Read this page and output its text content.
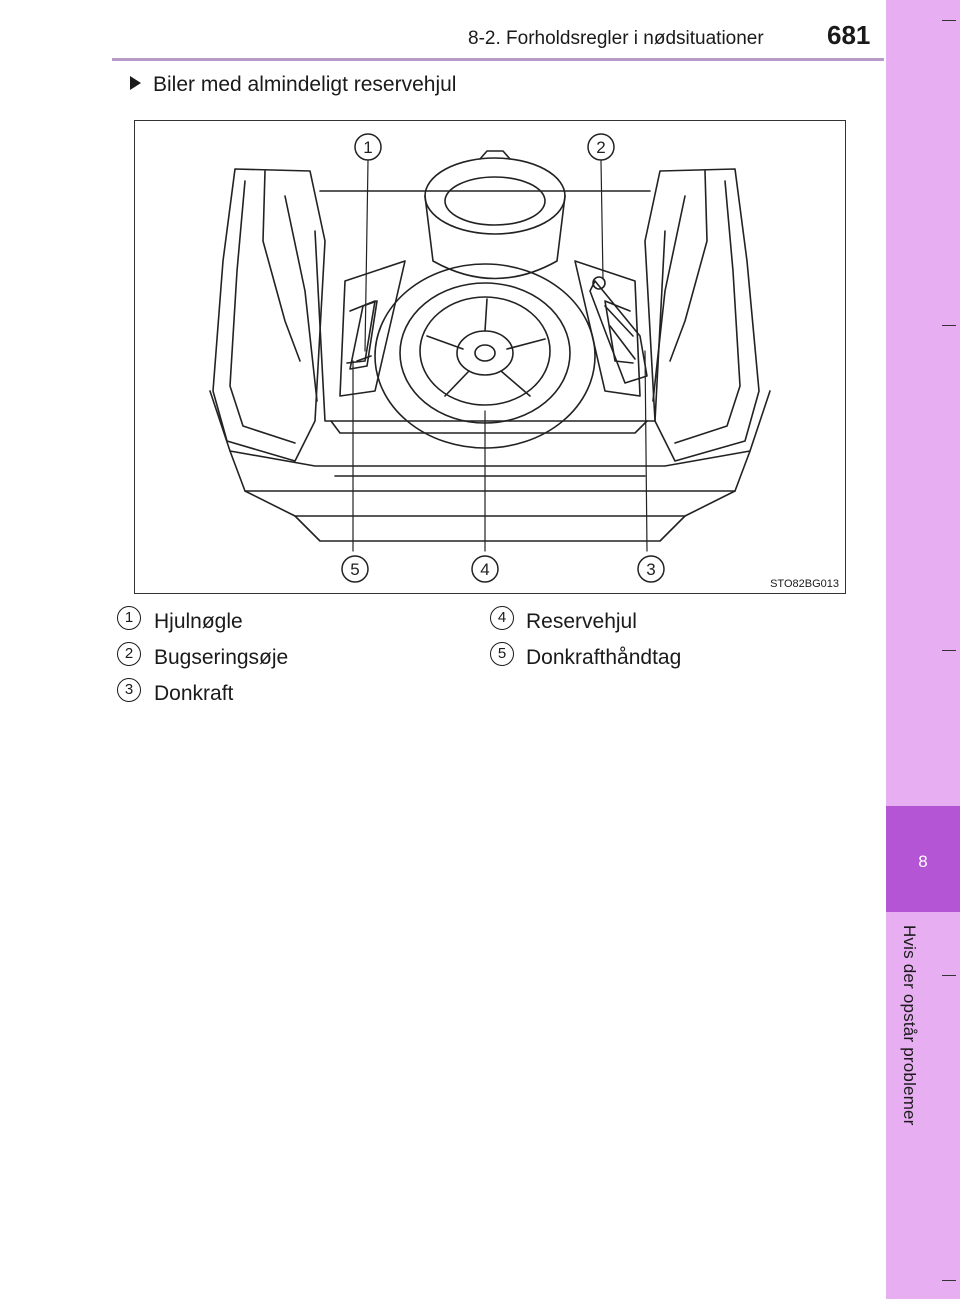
8-2. Forholdsregler i nødsituationer 681
8
Hvis der opstår problemer
Biler med almindeligt reservehjul
1	2
3
4
5
STO82BG013
1 Hjulnøgle
2 Bugseringsøje
3 Donkraft
4 Reservehjul
5 Donkrafthåndtag
